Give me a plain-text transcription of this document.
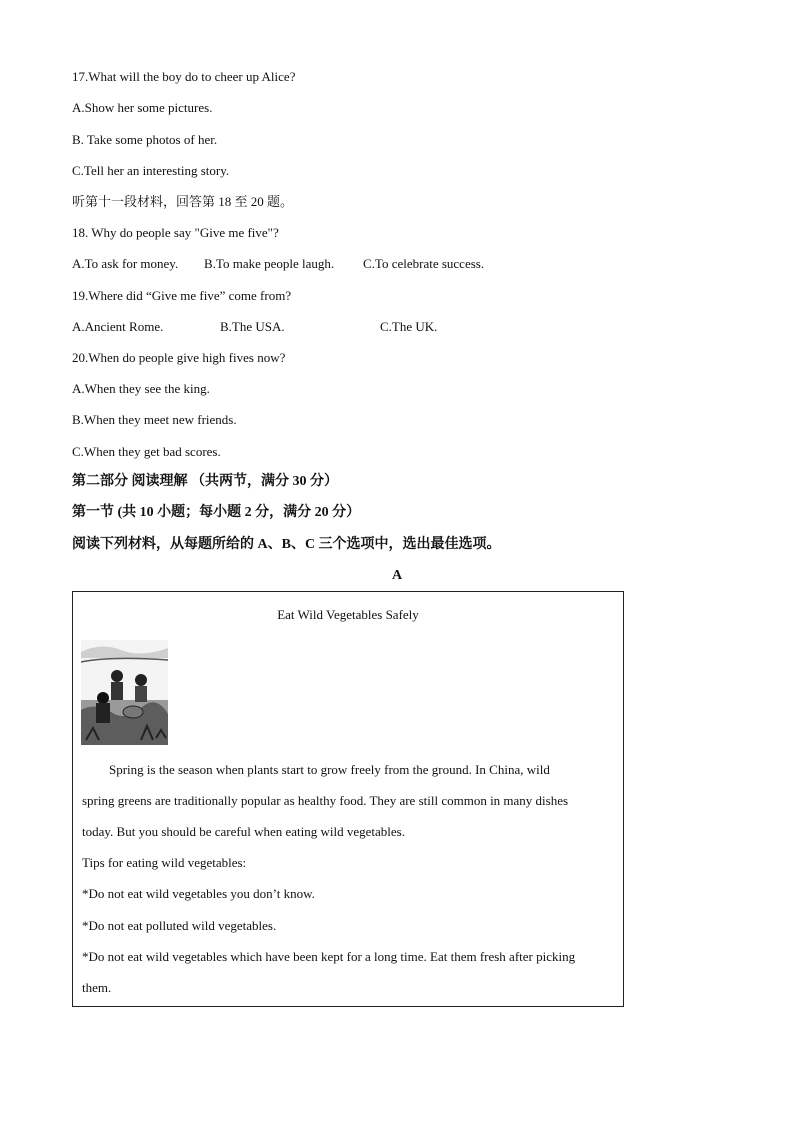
17.What will the boy do to cheer up Alice?
A.Show her some pictures.
B. Take some photos of her.
C.Tell her an interesting story.
听第十一段材料，回答第 18 至 20 题。
18. Why do people say "Give me five"?
A.To ask for money. B.To make people laugh. C.To celebrate success.
19.Where did “Give me five” come from?
A.Ancient Rome.	B.The USA.	C.The UK.
20.When do people give high fives now?
A.When they see the king.
B.When they meet new friends.
C.When they get bad scores.
第二部分 阅读理解 （共两节，满分 30 分）
第一节 (共 10 小题；每小题 2 分，满分 20 分）
阅读下列材料，从每题所给的 A、B、C 三个选项中，选出最佳选项。
A
Eat Wild Vegetables Safely
Spring is the season when plants start to grow freely from the ground. In China, wild
spring greens are traditionally popular as healthy food. They are still common in many dishes
today. But you should be careful when eating wild vegetables.
Tips for eating wild vegetables:
*Do not eat wild vegetables you don’t know.
*Do not eat polluted wild vegetables.
*Do not eat wild vegetables which have been kept for a long time. Eat them fresh after picking
them.
